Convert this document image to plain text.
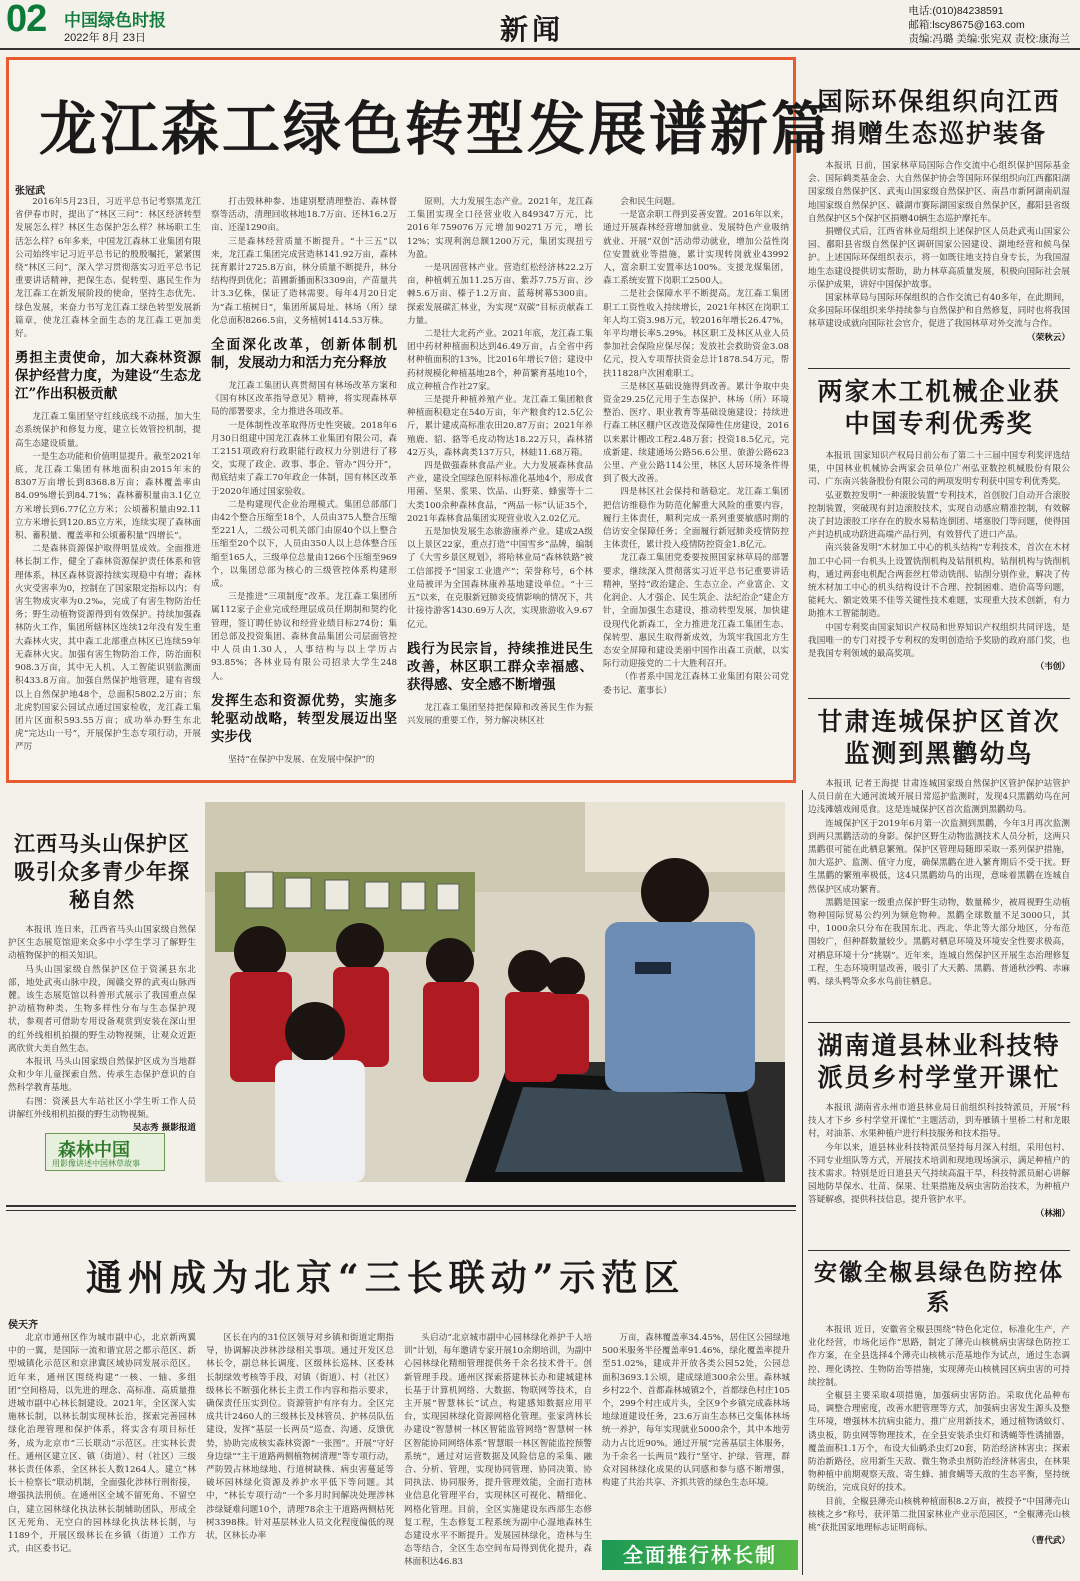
02 中国绿色时报
2022年 8月 23日	新闻
电话:(010)84238591
邮箱:lscy8675@163.com
责编:冯璐 美编:张宪双 责校:康海兰
龙江森工绿色转型发展谱新篇
张冠武

2016年5月23日，习近平总书记考察黑龙江省伊春市时，提出了“林区三问”：林区经济转型发展怎么样？林区生态保护怎么样？林场职工生活怎么样？6年多来，中国龙江森林工业集团有限公司始终牢记习近平总书记的殷殷嘱托，紧紧围绕“林区三问”，深入学习贯彻落实习近平总书记重要讲话精神，把保生态、促转型、惠民生作为龙江森工在新发展阶段的使命，坚持生态优先、绿色发展，来奋力书写龙江森工绿色转型发展新篇章，使龙江森林全面生态的龙江森工更加美好。

勇担主责使命，加大森林资源保护经营力度，为建设“生态龙江”作出积极贡献

龙江森工集团坚守红线底线不动摇，加大生态系统保护和修复力度，建立长效管控机制，提高生态建设质量。

一是生态功能和价值明显提升。截至2021年底，龙江森工集团有林地面积由2015年末的8307万亩增长到8368.8万亩；森林覆盖率由84.09%增长到84.71%；森林蓄积量由3.1亿立方米增长到6.77亿立方米；公顷蓄积量由92.11立方米增长到120.85立方米，连续实现了森林面积、蓄积量、覆盖率和公顷蓄积量“四增长”。

二是森林资源保护取得明显成效。全面推进林长制工作，健全了森林资源保护责任体系和管理体系，林区森林资源持续实现稳中有增；森林火灾受害率为0，控制在了国家限定指标以内；有害生物成灾率为0.2‰，完成了有害生物防治任务；野生动植物资源得到有效保护。持续加强森林防火工作，集团所辖林区连续12年没有发生重大森林火灾，其中森工北部重点林区已连续59年无森林火灾。加强有害生物防治工作，防治面积908.3万亩，其中无人机、人工智能识别监测面积433.8万亩。加强自然保护地管理，建有省级以上自然保护地48个，总面积5802.2万亩；东北虎豹国家公园试点通过国家检收，龙江森工集团片区面积593.55万亩；成功举办野生东北虎“完达山一号”，开展保护生态专项行动，开展严厉

打击毁林种参、违建别墅清理整治、森林督察等活动，清理回收林地18.7万亩、还林16.2万亩、还湿1290亩。

三是森林经营质量不断提升。“十三五”以来，龙江森工集团完成营造林141.92万亩，森林抚育累计2725.8万亩，林分质量不断提升，林分结构得到优化；苗圃新播面积3309亩，产苗量共计3.3亿株，保证了造林需要。每年4月20日定为“森工植树日”，集团所属局址、林场（所）绿化总面积8266.5亩，义务植树1414.53万株。

全面深化改革，创新体制机制，发展动力和活力充分释放

龙江森工集团认真贯彻国有林场改革方案和《国有林区改革指导意见》精神，将实现森林草局的部署要求，全力推进各项改革。

一是体制性改革取得历史性突破。2018年6月30日组建中国龙江森林工业集团有限公司，森工2151项政府行政职能行政权力分别进行了移交，实现了政企、政事、事企、管办“四分开”，彻底结束了森工70年政企一体制，国有林区改革于2020年通过国家验收。

二是构建现代企业治理模式。集团总部部门由42个整合压缩至18个，人员由375人整合压缩至221人，二级公司机关部门由原40个以上整合压缩至20个以下，人员由350人以上总体整合压缩至165人，三级单位总量由1266个压缩至969个，以集团总部为核心的三级管控体系构建形成。

三是推进“三项制度”改革。龙江森工集团所属112家子企业完成经理层成员任期制和契约化管理，签订聘任协议和经营业绩目标274份；集团总部及投资集团、森林食品集团公司层面管控中人员由1.30人，人事结构与以上学历占93.85%；各林业局有限公司招录大学生248人。

发挥生态和资源优势，实施多轮驱动战略，转型发展迈出坚实步伐

坚持“在保护中发展、在发展中保护”的

原则，大力发展生态产业。2021年，龙江森工集团实现全口径营业收入849347万元，比2016年759076万元增加90271万元，增长12%；实现利润总额1200万元，集团实现扭亏为盈。

一是巩固营林产业。营造红松经济林22.2万亩，种植刺五加11.25万亩、紫苏7.75万亩、沙棘5.6万亩、榛子1.2万亩、蓝莓树幕5300亩。探索发展碳汇林业，为实现“双碳”目标贡献森工力量。

二是壮大北药产业。2021年底，龙江森工集团中药材种植面积达到46.49万亩，占全省中药材种植面积的13%，比2016年增长7倍；建设中药材规模化种植基地28个，种苗繁育基地10个，成立种植合作社27家。

三是提升种植养殖产业。龙江森工集团粮食种植面积稳定在540万亩，年产粮食约12.5亿公斤，累计建成高标准农田20.87万亩；2021年养殖鹿、貂、貉等毛皮动物达18.22万只，森林猪42万头，森林禽类137万只，林蛙11.68万箱。

四是做强森林食品产业。大力发展森林食品产业，建设全国绿色原料标准化基地4个，形成食用菌、坚果、浆果、饮品、山野菜、蜂蜜等十二大类100余种森林食品，“两品一标”认证35个，2021年森林食品集团实现营业收入2.02亿元。

五是加快发展生态旅游康养产业。建成2A级以上景区22家，重点打造“中国雪乡”品牌，编制了《大雪乡景区规划》，将哈林业局“森林铁路”被工信部授予“国家工业遗产”；荣誉称号，6个林业局被评为全国森林康养基地建设单位。“十三五”以来，在克服新冠肺炎疫情影响的情况下，共计接待游客1430.69万人次，实现旅游收入9.67亿元。

践行为民宗旨，持续推进民生改善，林区职工群众幸福感、获得感、安全感不断增强

龙江森工集团坚持把保障和改善民生作为振兴发展的重要工作，努力解决林区社

会和民生问题。

一是富余职工得到妥善安置。2016年以来，通过开展森林经营增加就业、发展特色产业吸纳就业、开展“双创”活动带动就业，增加公益性岗位安置就业等措施，累计实现转岗就业43992人，富余职工安置率达100%。支援龙煤集团，森工系统安置下岗职工2500人。

二是社会保障水平不断提高。龙江森工集团职工工资性收入持续增长，2021年林区在岗职工年人均工资3.98万元，较2016年增长26.47%，年平均增长率5.29%。林区职工及林区从业人员参加社会保险应保尽保；发放社会救助资金3.08亿元，投入专项帮扶资金总计1878.54万元，帮扶11828户次困难职工。

三是林区基础设施得到改善。累计争取中央资金29.25亿元用于生态保护、林场（所）环境整治、医疗、职业教育等基础设施建设；持续进行森工林区棚户区改造及保障性住房建设，2016以来累计棚改工程2.48万套；投资18.5亿元，完成新建、续建通场公路56.6公里、旅游公路623公里、产业公路114公里，林区人居环境条件得到了极大改善。

四是林区社会保持和谐稳定。龙江森工集团把信访维稳作为防范化解重大风险的重要内容，履行主体责任，顺利完成一系列重要敏感时期的信访安全保障任务；全面履行新冠肺炎疫情防控主体责任，累计投入疫情防控资金1.8亿元。

龙江森工集团党委要按照国家林草局的部署要求，继续深入贯彻落实习近平总书记重要讲话精神，坚持“政治建企、生态立企、产业富企、文化润企、人才强企、民生筑企、法纪治企”建企方针，全面加强生态建设，推动转型发展，加快建设现代化新森工，全力推进龙江森工集团生态、保转型、惠民生取得新成效，为筑牢我国北方生态安全屏障和建设美丽中国作出森工贡献，以实际行动迎接党的二十大胜利召开。

（作者系中国龙江森林工业集团有限公司党委书记、董事长）

国际环保组织向江西捐赠生态巡护装备

本报讯 日前，国家林草局国际合作交流中心组织保护国际基金会、国际鹤类基金会、大自然保护协会等国际环保组织向江西鄱阳湖国家级自然保护区、武夷山国家级自然保护区、南昌市新阿湖南矶湿地国家级自然保护区、赣湖市赛际湖国家级自然保护区，鄱阳县省级自然保护区5个保护区捐赠40辆生态巡护摩托车。

捐赠仪式后，江西省林业局组织上述保护区人员赴武夷山国家公园、鄱阳县省级自然保护区调研国家公园建设、湖地经营和候鸟保护。上述国际环保组织表示，将一如既往地支持自身专长，为我国湿地生态建设提供切实帮助，助力林草高质量发展，积极向国际社会展示保护成果，讲好中国保护故事。

国家林草局与国际环保组织的合作交流已有40多年，在此期间，众多国际环保组织来华持续参与自然保护和自然修复，同时也将我国林草建设成就向国际社会官介，促进了我国林草对外交流与合作。

（荣秋云）
两家木工机械企业获中国专利优秀奖

本报讯 国家知识产权局日前公布了第二十三届中国专利奖评选结果，中国林业机械协会两家会员单位广州弘亚数控机械股份有限公司、广东南兴装备股份有限公司的两项发明专利获中国专利优秀奖。

弘亚数控发明“一种滚胶装置”专利技术，首创胶门自动开合滚胶控制装置，突破现有封边滚胶技术，实现自动感应精准控制，有效解决了封边滚胶工序存在的胶水易粘连倒团、堵塞胶门等问题，使得国产封边机成功跻进高端产品行列，有效替代了进口产品。

南兴装备发明“木材加工中心的机头结构”专利技术，首次在木材加工中心同一台机头上设置铣削机构及钻削机构，钻削机构与铣削机构，通过两套电机配合两套丝杠带动铣削、钻削分别作业，解决了传统木材加工中心的机头结构设计不合理、控制困难、造价高等问题，能耗大、额定效果不佳等关键性技术难题，实现重大技术创新，有力助推木工智能制造。

中国专利奖由国家知识产权局和世界知识产权组织共同评选，是我国唯一的专门对授予专利权的发明创造给予奖励的政府部门奖，也是我国专利领域的最高奖项。

（韦创）
甘肃连城保护区首次监测到黑鹳幼鸟

本报讯 记者王海提 甘肃连城国家级自然保护区管护保护站管护人员日前在大通河流域开展日常巡护监测时，发现4只黑鹳幼鸟在河边浅滩嬉戏闹觅食。这是连城保护区首次监测到黑鹳幼鸟。

连城保护区于2019年6月第一次监测到黑鹳，今年3月再次监测到两只黑鹳活动的身影。保护区野生动物监测技术人员分析，这两只黑鹳很可能在此栖息繁殖。保护区管理局随即采取一系列保护措施，加大巡护、监测、值守力度，确保黑鹳在进入繁育期后不受干扰。野生黑鹳的繁殖率极低，这4只黑鹳幼鸟的出现，意味着黑鹳在连城自然保护区成功繁育。

黑鹳是国家一级重点保护野生动物，数量稀少，被周视野生动植物种国际贸易公约列为频危物种。黑鹳全球数量不足3000只，其中，1000余只分布在我国东北、西北、华北等大部分地区，分布范围较广，但种群数量较少。黑鹳对栖息环境及环境安全性要求极高，对栖息环境十分“挑剔”。近年来，连城自然保护区开展生态治理修复工程，生态环境明显改善，吸引了大天鹅、黑鹳、普通秋沙鸭、赤麻鸭、绿头鸭等众多水鸟前往栖息。

湖南道县林业科技特派员乡村学堂开课忙

本报讯 湖南省永州市道县林业局日前组织科技特派员，开展“科技人才下乡 乡村学堂开课忙”主题活动，到寿雁镇十里桥二村和龙眼村，对油茶、水果种植户进行科技服务和技术指导。

今年以来，道县林业科技特派员坚持每月深入村组，采用包村、不同专业组队等方式，开展技术培训和现地现场演示，满足种植户的技术需求。特别是近日道县天气持续高温干旱，科技特派员耐心讲解园地防旱保水、壮苗、保果、壮果措施及病虫害防治技术，为种植户答疑解惑，提供科技信息，提升管护水平。

（林湘）
江西马头山保护区吸引众多青少年探秘自然

本报讯 连日来，江西省马头山国家级自然保护区生态展览馆迎来众多中小学生学习了解野生动植物保护的相关知识。

马头山国家级自然保护区位于资溪县东北部，地处武夷山脉中段，闽赣交界的武夷山脉西麓。该生态展览馆以科普形式展示了我国重点保护动植物种类、生物多样性分布与生态保护现状，参观者可借助专用设备观赏到安装在深山里的红外线相机拍摄的野生动物视频，让观众近距离欣赏大美自然生态。

本报讯 马头山国家级自然保护区成为当地群众和少年儿童探索自然、传承生态保护意识的自然科学教育基地。

右图：资溪县大车站社区小学生听工作人员讲解红外线相机拍摄的野生动物视频。

吴志秀 摄影报道
森林中国
用影像讲述中国林草故事
通州成为北京“三长联动”示范区
侯天齐

北京市通州区作为城市副中心，北京新两翼中的一翼，是国际一流和谐宜居之都示范区、新型城镇化示范区和京津冀区域协同发展示范区。近年来，通州区围绕构建“一核、一轴、多组团”空间格局，以先进的理念、高标准、高质量推进城市副中心林长制建设。2021年，全区深入实施林长制，以林长制实现林长治，探索完善园林绿化治理管理和保护体系，将实含有项目标任务，成为北京市“三长联动”示范区。庄实林长责任。通州区建立区、镇（街道）、村（社区）三级林长责任体系，全区林长人数1264人。建立“林长＋检察长”联动机制，全面强化涉林行刑衔接，增强执法刑侦。在通州区全域不留死角、不留空白，建立园林绿化执法林长制辅助团队，形成全区无死角、无空白的园林绿化执法林长制，与1189个，开展区级林长在乡镇（街道）工作方式，由区委书记。

区长在内的31位区领导对乡镇和街道定期指导，协调解决涉林涉绿相关事项。通过开发区总林长令，副总林长调度、区级林长巡林、区委林长制绿效考核等手段，对镇（街道）、村（社区）级林长不断强化林长主责工作内容和指示要求，确保责任压实到位。资源管护有序有力。全区完成共计2460人的三级林长及林管员、护林员队伍建设，发挥“基层一长两员”巡查、沟通、反馈优势，协助完成核实森林资源“一张图”。开展“守好身边绿”“主干道路两侧植物树清理”等专项行动，严防毁占林地绿地、行道树缺株、病虫害蔓延等破坏园林绿化资源及养护水平低下等问题。其中，“林长专项行动”一个多月时间解决处理涉林涉绿疑难问题10个，清理78余主干道路两侧枯死树3398株。针对基层林业人员文化程度偏低的现状，区林长办率

头启动“北京城市副中心园林绿化养护千人培训”计划，每年邀请专家开展10余期培训，为副中心园林绿化精细管理提供务千余名技术骨干。创新管理手段。通州区探索搭建林长办和建城建林长基于计算机网络、大数据、物联网等技术，自主开展“智慧林长”试点，构建感知数据应用平台，实现园林绿化资源网格化管理。张家湾林长办建设“智慧树一林区智能监管网络”智慧树一林区智能协同网络体系“智慧眼一林区智能监控预警系统”，通过对运营数据及风险信息的采集、融合、分析、管理，实现协同管理、协同决策、协同执法、协同服务，提升管理效能，全面打造林业信息化管理平台，实现林区可视化、精细化、网格化管理。目前，全区实施建设东西部生态修复工程，生态修复工程系统为副中心湿地森林生态建设水平不断提升。发展园林绿化，造林与生态等结合，全区生态空间布局得到优化提升，森林面积达46.83

万亩，森林覆盖率34.45%，居住区公园绿地500米服务半径覆盖率91.46%，绿化覆盖率提升至51.02%，建成并开放各类公园52处，公园总面积3693.1公顷，建成绿道300余公里。森林城乡村22个、首都森林城镇2个，首都绿色村庄105个，299个村庄成片头，全区9个乡镇完成森林场地绿道建设任务，23.6万亩生态林已交集体林场统一养护，每年实现就业5000余个，其中本地劳动力占比近90%。通过开展“完善基层主体服务，为千余名一长两员”践行“坚守、护绿、管理，群众对园林绿化成果的认同感和参与感不断增强，构建了共治共享、齐抓共管的绿色生态环境。

全面推行林长制
安徽全椒县绿色防控体系

本报讯 近日，安徽省全椒县围绕“特色化定位，标准化生产，产业化经营，市场化运作”思路，制定了薄壳山核桃病虫害绿色防控工作方案，在全县选择4个薄壳山核桃示范基地作为试点，通过生态调控、理化诱控、生物防治等措施，实现薄壳山核桃园区病虫害的可持续控制。

全椒县主要采取4项措施，加强病虫害防治。采取优化品种布局，调整合理密度，改善水肥管理等方式，加强病虫害发生源头及整生环境，增强林木抗病虫能力，推广应用新技术，通过植物诱蚊灯、诱虫板，防虫网等物理技术，在全县安装杀虫灯和诱蝇等性诱捕器，覆盖面积1.1万个，布设大仙鹤杀虫灯20套，防治经济林害虫；探索防治新路径，应用新生天敌、微生物杀虫剂防治经济林害虫，在林果物种植中前期观察天敌、寄生蜂、捕食螨等天敌的生态平衡，坚持统防统治，完成良好的技术。

目前，全椒县薄壳山核桃种植面积8.2万亩，被授予“中国薄壳山核桃之乡”称号，获评第二批国家林业产业示范园区，“全椒薄壳山核桃”获批国家地理标志证明商标。

（曹代武）
